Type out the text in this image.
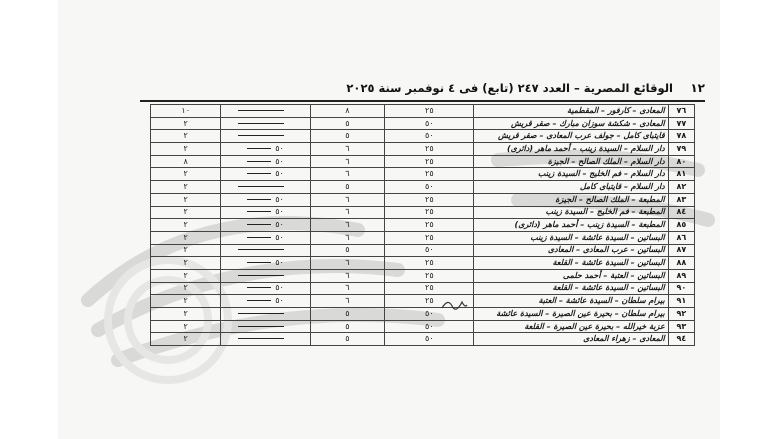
١٢
الوقائع المصرية – العدد ٢٤٧ (تابع) فى ٤ نوفمبر سنة ٢٠٢٥
٧٦	المعادى – كارفور – المقطمية	٢٥	٨		١٠
٧٧	المعادى – شكشة سوزان مبارك – صقر قريش	٥٠	٥		٢
٧٨	قايتباى كامل – جولف عرب المعادى – صقر قريش	٥٠	٥		٢
٧٩	دار السلام – السيدة زينب – أحمد ماهر (دائرى)	٢٥	٦	٥٠	٢
٨٠	دار السلام – الملك الصالح – الجيزة	٢٥	٦	٥٠	٨
٨١	دار السلام – فم الخليج – السيدة زينب	٢٥	٦	٥٠	٢
٨٢	دار السلام – قايتباى كامل	٥٠	٥		٢
٨٣	المطبعة – الملك الصالح – الجيزة	٢٥	٦	٥٠	٢
٨٤	المطبعة – فم الخليج – السيدة زينب	٢٥	٦	٥٠	٢
٨٥	المطبعة – السيدة زينب – أحمد ماهر (دائرى)	٢٥	٦	٥٠	٢
٨٦	البساتين – السيدة عائشة – السيدة زينب	٢٥	٦	٥٠	٢
٨٧	البساتين – عرب المعادى – المعادى	٥٠	٥		٢
٨٨	البساتين – السيدة عائشة – القلعة	٢٥	٦	٥٠	٢
٨٩	البساتين – العتبة – أحمد حلمى	٢٥	٦		٢
٩٠	البساتين – السيدة عائشة – القلعة	٢٥	٦	٥٠	٢
٩١	بيرام سلطان – السيدة عائشة – العتبة	٢٥	٦	٥٠	٢
٩٢	بيرام سلطان – بحيرة عين الصيرة – السيدة عائشة	٥٠	٥		٢
٩٣	عزبة خيرالله – بحيرة عين الصيرة – القلعة	٥٠	٥		٢
٩٤	المعادى – زهراء المعادى	٥٠	٥		٢
